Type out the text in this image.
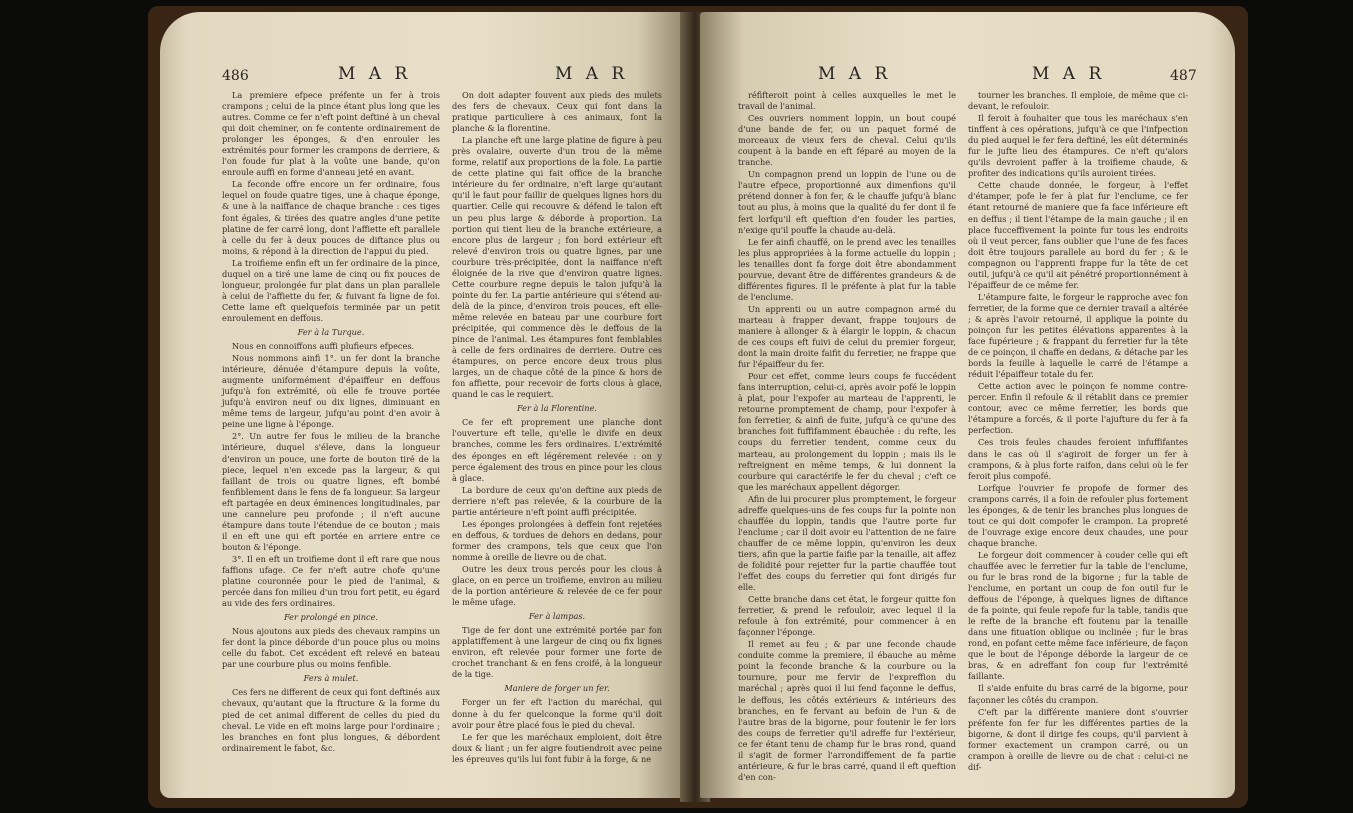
486	M A R	M A R

La premiere efpece préfente un fer à trois crampons ; celui de la pince étant plus long que les autres. Comme ce fer n'eft point deftiné à un cheval qui doit cheminer, on fe contente ordinairement de prolonger les éponges, & d'en enrouler les extrémités pour former les crampons de derriere, & l'on foude fur plat à la voûte une bande, qu'on enroule auffi en forme d'anneau jeté en avant.

La feconde offre encore un fer ordinaire, fous lequel on foude quatre tiges, une à chaque éponge, & une à la naiffance de chaque branche : ces tiges font égales, & tirées des quatre angles d'une petite platine de fer carré long, dont l'affiette eft parallele à celle du fer à deux pouces de diftance plus ou moins, & répond à la direction de l'appui du pied.

La troifieme enfin eft un fer ordinaire de la pince, duquel on a tiré une lame de cinq ou fix pouces de longueur, prolongée fur plat dans un plan parallele à celui de l'affiette du fer, & fuivant fa ligne de foi. Cette lame eft quelquefois terminée par un petit enroulement en deffous.

Fer à la Turque.

Nous en connoiffons auffi plufieurs efpeces.

Nous nommons ainfi 1°. un fer dont la branche intérieure, dénuée d'étampure depuis la voûte, augmente uniformément d'épaiffeur en deffous jufqu'à fon extrémité, où elle fe trouve portée jufqu'à environ neuf ou dix lignes, diminuant en même tems de largeur, jufqu'au point d'en avoir à peine une ligne à l'éponge.

2°. Un autre fer fous le milieu de la branche intérieure, duquel s'éleve, dans la longueur d'environ un pouce, une forte de bouton tiré de la piece, lequel n'en excede pas la largeur, & qui faillant de trois ou quatre lignes, eft bombé fenfiblement dans le fens de fa longueur. Sa largeur eft partagée en deux éminences longitudinales, par une cannelure peu profonde ; il n'eft aucune étampure dans toute l'étendue de ce bouton ; mais il en eft une qui eft portée en arriere entre ce bouton & l'éponge.

3°. Il en eft un troifieme dont il eft rare que nous faffions ufage. Ce fer n'eft autre chofe qu'une platine couronnée pour le pied de l'animal, & percée dans fon milieu d'un trou fort petit, eu égard au vide des fers ordinaires.

Fer prolongé en pince.

Nous ajoutons aux pieds des chevaux rampins un fer dont la pince déborde d'un pouce plus ou moins celle du fabot. Cet excédent eft relevé en bateau par une courbure plus ou moins fenfible.

Fers à mulet.

Ces fers ne different de ceux qui font deftinés aux chevaux, qu'autant que la ftructure & la forme du pied de cet animal different de celles du pied du cheval. Le vide en eft moins large pour l'ordinaire ; les branches en font plus longues, & débordent ordinairement le fabot, &c.

On doit adapter fouvent aux pieds des mulets des fers de chevaux. Ceux qui font dans la pratique particuliere à ces animaux, font la planche & la florentine.

La planche eft une large platine de figure à peu près ovalaire, ouverte d'un trou de la même forme, relatif aux proportions de la fole. La partie de cette platine qui fait office de la branche intérieure du fer ordinaire, n'eft large qu'autant qu'il le faut pour faillir de quelques lignes hors du quartier. Celle qui recouvre & défend le talon eft un peu plus large & déborde à proportion. La portion qui tient lieu de la branche extérieure, a encore plus de largeur ; fon bord extérieur eft relevé d'environ trois ou quatre lignes, par une courbure très-précipitée, dont la naiffance n'eft éloignée de la rive que d'environ quatre lignes. Cette courbure regne depuis le talon jufqu'à la pointe du fer. La partie antérieure qui s'étend au-delà de la pince, d'environ trois pouces, eft elle-même relevée en bateau par une courbure fort précipitée, qui commence dès le deffous de la pince de l'animal. Les étampures font femblables à celle de fers ordinaires de derriere. Outre ces étampures, on perce encore deux trous plus larges, un de chaque côté de la pince & hors de fon affiette, pour recevoir de forts clous à glace, quand le cas le requiert.

Fer à la Florentine.

Ce fer eft proprement une planche dont l'ouverture eft telle, qu'elle le divife en deux branches, comme les fers ordinaires. L'extrémité des éponges en eft légérement relevée : on y perce également des trous en pince pour les clous à glace.

La bordure de ceux qu'on deftine aux pieds de derriere n'eft pas relevée, & la courbure de la partie antérieure n'eft point auffi précipitée.

Les éponges prolongées à deffein font rejetées en deffous, & tordues de dehors en dedans, pour former des crampons, tels que ceux que l'on nomme à oreille de lievre ou de chat.

Outre les deux trous percés pour les clous à glace, on en perce un troifieme, environ au milieu de la portion antérieure & relevée de ce fer pour le même ufage.

Fer à lampas.

Tige de fer dont une extrémité portée par fon applatiffement à une largeur de cinq ou fix lignes environ, eft relevée pour former une forte de crochet tranchant & en fens croifé, à la longueur de la tige.

Maniere de forger un fer.

Forger un fer eft l'action du maréchal, qui donne à du fer quelconque la forme qu'il doit avoir pour être placé fous le pied du cheval.

Le fer que les maréchaux emploient, doit être doux & liant ; un fer aigre foutiendroit avec peine les épreuves qu'ils lui font fubir à la forge, & ne

M A R	M A R	487

réfifteroit point à celles auxquelles le met le travail de l'animal.

Ces ouvriers nomment loppin, un bout coupé d'une bande de fer, ou un paquet formé de morceaux de vieux fers de cheval. Celui qu'ils coupent à la bande en eft féparé au moyen de la tranche.

Un compagnon prend un loppin de l'une ou de l'autre efpece, proportionné aux dimenfions qu'il prétend donner à fon fer, & le chauffe jufqu'à blanc tout au plus, à moins que la qualité du fer dont il fe fert lorfqu'il eft queftion d'en fouder les parties, n'exige qu'il pouffe la chaude au-delà.

Le fer ainfi chauffé, on le prend avec les tenailles les plus appropriées à la forme actuelle du loppin ; les tenailles dont fa forge doit être abondamment pourvue, devant être de différentes grandeurs & de différentes figures. Il le préfente à plat fur la table de l'enclume.

Un apprenti ou un autre compagnon armé du marteau à frapper devant, frappe toujours de maniere à allonger & à élargir le loppin, & chacun de ces coups eft fuivi de celui du premier forgeur, dont la main droite faifit du ferretier, ne frappe que fur l'épaiffeur du fer.

Pour cet effet, comme leurs coups fe fuccédent fans interruption, celui-ci, après avoir pofé le loppin à plat, pour l'expofer au marteau de l'apprenti, le retourne promptement de champ, pour l'expofer à fon ferretier, & ainfi de fuite, jufqu'à ce qu'une des branches foit fuffifamment ébauchée : du refte, les coups du ferretier tendent, comme ceux du marteau, au prolongement du loppin ; mais ils le reftreignent en même temps, & lui donnent la courbure qui caractérife le fer du cheval ; c'eft ce que les maréchaux appellent dégorger.

Afin de lui procurer plus promptement, le forgeur adreffe quelques-uns de fes coups fur la pointe non chauffée du loppin, tandis que l'autre porte fur l'enclume ; car il doit avoir eu l'attention de ne faire chauffer de ce même loppin, qu'environ les deux tiers, afin que la partie faifie par la tenaille, ait affez de folidité pour rejetter fur la partie chauffée tout l'effet des coups du ferretier qui font dirigés fur elle.

Cette branche dans cet état, le forgeur quitte fon ferretier, & prend le refouloir, avec lequel il la refoule à fon extrémité, pour commencer à en façonner l'éponge.

Il remet au feu ; & par une feconde chaude conduite comme la premiere, il ébauche au même point la feconde branche & la courbure ou la tournure, pour me fervir de l'expreffion du maréchal ; après quoi il lui fend façonne le deffus, le deffous, les côtés extérieurs & intérieurs des branches, en fe fervant au befoin de l'un & de l'autre bras de la bigorne, pour foutenir le fer lors des coups de ferretier qu'il adreffe fur l'extérieur, ce fer étant tenu de champ fur le bras rond, quand il s'agit de former l'arrondiffement de fa partie antérieure, & fur le bras carré, quand il eft queftion d'en con-

tourner les branches. Il emploie, de même que ci-devant, le refouloir.

Il feroit à fouhaiter que tous les maréchaux s'en tinffent à ces opérations, jufqu'à ce que l'infpection du pied auquel le fer fera deftiné, les eût déterminés fur le jufte lieu des étampures. Ce n'eft qu'alors qu'ils devroient paffer à la troifieme chaude, & profiter des indications qu'ils auroient tirées.

Cette chaude donnée, le forgeur, à l'effet d'étamper, pofe le fer à plat fur l'enclume, ce fer étant retourné de maniere que fa face inférieure eft en deffus ; il tient l'étampe de la main gauche ; il en place fucceffivement la pointe fur tous les endroits où il veut percer, fans oublier que l'une de fes faces doit être toujours parallele au bord du fer ; & le compagnon ou l'apprenti frappe fur la tête de cet outil, jufqu'à ce qu'il ait pénétré proportionnément à l'épaiffeur de ce même fer.

L'étampure faite, le forgeur le rapproche avec fon ferretier, de la forme que ce dernier travail a altérée ; & après l'avoir retourné, il applique la pointe du poinçon fur les petites élévations apparentes à la face fupérieure ; & frappant du ferretier fur la tête de ce poinçon, il chaffe en dedans, & détache par les bords la feuille à laquelle le carré de l'étampe a réduit l'épaiffeur totale du fer.

Cette action avec le poinçon fe nomme contre-percer. Enfin il refoule & il rétablit dans ce premier contour, avec ce même ferretier, les bords que l'étampure a forcés, & il porte l'ajufture du fer à fa perfection.

Ces trois feules chaudes feroient infuffifantes dans le cas où il s'agiroit de forger un fer à crampons, & à plus forte raifon, dans celui où le fer feroit plus compofé.

Lorfque l'ouvrier fe propofe de former des crampons carrés, il a foin de refouler plus fortement les éponges, & de tenir les branches plus longues de tout ce qui doit compofer le crampon. La propreté de l'ouvrage exige encore deux chaudes, une pour chaque branche.

Le forgeur doit commencer à couder celle qui eft chauffée avec le ferretier fur la table de l'enclume, ou fur le bras rond de la bigorne ; fur la table de l'enclume, en portant un coup de fon outil fur le deffous de l'éponge, à quelques lignes de diftance de fa pointe, qui feule repofe fur la table, tandis que le refte de la branche eft foutenu par la tenaille dans une fituation oblique ou inclinée ; fur le bras rond, en pofant cette même face inférieure, de façon que le bout de l'éponge déborde la largeur de ce bras, & en adreffant fon coup fur l'extrémité faillante.

Il s'aide enfuite du bras carré de la bigorne, pour façonner les côtés du crampon.

C'eft par la différente maniere dont s'ouvrier préfente fon fer fur les différentes parties de la bigorne, & dont il dirige fes coups, qu'il parvient à former exactement un crampon carré, ou un crampon à oreille de lievre ou de chat : celui-ci ne dif-
